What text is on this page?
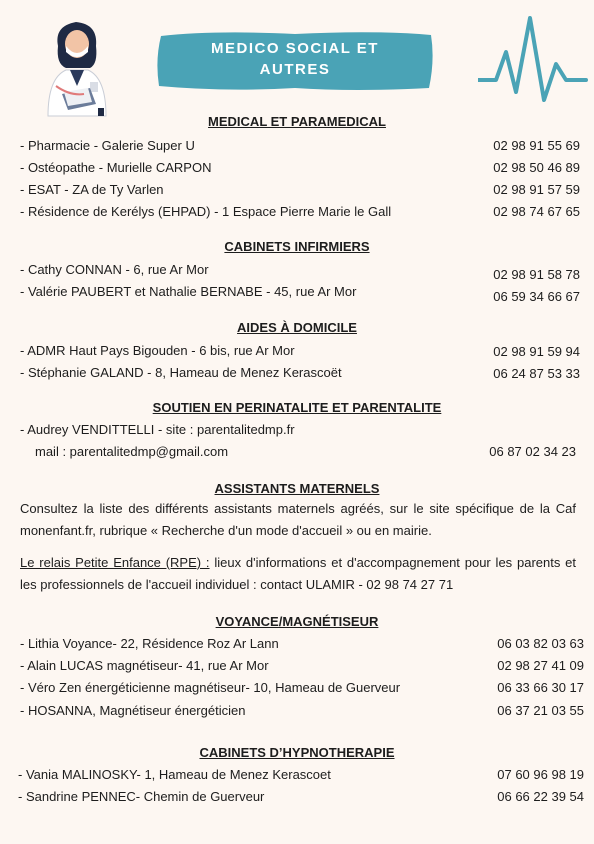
MEDICO SOCIAL ET
AUTRES
MEDICAL ET PARAMEDICAL
- Pharmacie - Galerie Super U	02 98 91 55 69
- Ostéopathe - Murielle CARPON	02 98 50 46 89
- ESAT - ZA de Ty Varlen	02 98 91 57 59
- Résidence de Kerélys (EHPAD) - 1 Espace Pierre Marie le Gall	02 98 74 67 65
CABINETS INFIRMIERS
- Cathy CONNAN - 6, rue Ar Mor	02 98 91 58 78
- Valérie PAUBERT et Nathalie BERNABE - 45, rue Ar Mor	06 59 34 66 67
AIDES À DOMICILE
- ADMR Haut Pays Bigouden - 6 bis, rue Ar Mor	02 98 91 59 94
- Stéphanie GALAND - 8, Hameau de Menez Kerascoët	06 24 87 53 33
SOUTIEN EN PERINATALITE ET PARENTALITE
- Audrey VENDITTELLI - site : parentalitedmp.fr
mail : parentalitedmp@gmail.com	06 87 02 34 23
ASSISTANTS MATERNELS
Consultez la liste des différents assistants maternels agréés, sur le site spécifique de la Caf monenfant.fr, rubrique « Recherche d'un mode d'accueil » ou en mairie.
Le relais Petite Enfance (RPE) : lieux d'informations et d'accompagnement pour les parents et les professionnels de l'accueil individuel : contact ULAMIR - 02 98 74 27 71
VOYANCE/MAGNÉTISEUR
- Lithia Voyance- 22, Résidence Roz Ar Lann	06 03 82 03 63
- Alain LUCAS magnétiseur- 41, rue Ar Mor	02 98 27 41 09
- Véro Zen énergéticienne magnétiseur- 10, Hameau de Guerveur	06 33 66 30 17
- HOSANNA, Magnétiseur énergéticien	06 37 21 03 55
CABINETS D’HYPNOTHERAPIE
- Vania MALINOSKY- 1, Hameau de Menez Kerascoet	07 60 96 98 19
- Sandrine PENNEC- Chemin de Guerveur	06 66 22 39 54
